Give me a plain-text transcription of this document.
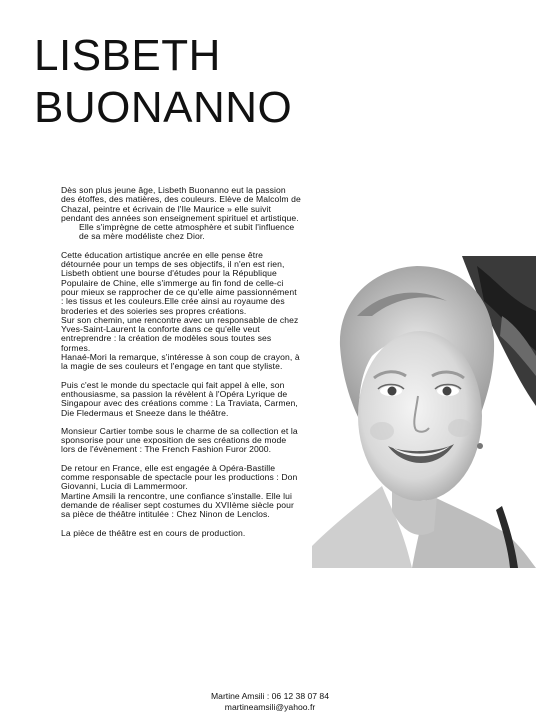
LISBETH
BUONANNO

Dès son plus jeune âge, Lisbeth Buonanno eut la passion des étoffes, des matières, des couleurs. Elève de Malcolm de Chazal, peintre et écrivain de l'Ile Maurice » elle suivit pendant des années son enseignement spirituel et artistique.

Elle s'imprègne de cette atmosphère et subit l'influence de sa mère modéliste chez Dior.

Cette éducation artistique ancrée en elle pense être détournée pour un temps de ses objectifs, il n'en est rien, Lisbeth obtient une bourse d'études pour la République Populaire de Chine, elle s'immerge au fin fond de celle-ci pour mieux se rapprocher de ce qu'elle aime passionnément : les tissus et les couleurs.Elle crée ainsi au royaume des broderies et des soieries ses propres créations.

Sur son chemin, une rencontre avec un responsable de chez Yves-Saint-Laurent la conforte dans ce qu'elle veut entreprendre : la création de modèles sous toutes ses formes.

Hanaé-Mori la remarque, s'intéresse à son coup de crayon, à la magie de ses couleurs et l'engage en tant que styliste.

Puis c'est le monde du spectacle qui fait appel à elle, son enthousiasme, sa passion la révèlent à l'Opéra Lyrique de Singapour avec des créations comme : La Traviata, Carmen, Die Fledermaus et Sneeze dans le théâtre.

Monsieur Cartier tombe sous le charme de sa collection et la sponsorise pour une exposition de ses créations de mode lors de l'évènement : The French Fashion Furor 2000.

De retour en France, elle est engagée à Opéra-Bastille comme responsable de spectacle pour les productions : Don Giovanni, Lucia di Lammermoor.

Martine Amsili la rencontre, une confiance s'installe. Elle lui demande de réaliser sept costumes du XVIIème siècle pour sa pièce de théâtre intitulée : Chez Ninon de Lenclos.

La pièce de théâtre est en cours de production.

Martine Amsili : 06 12 38 07 84
martineamsili@yahoo.fr
